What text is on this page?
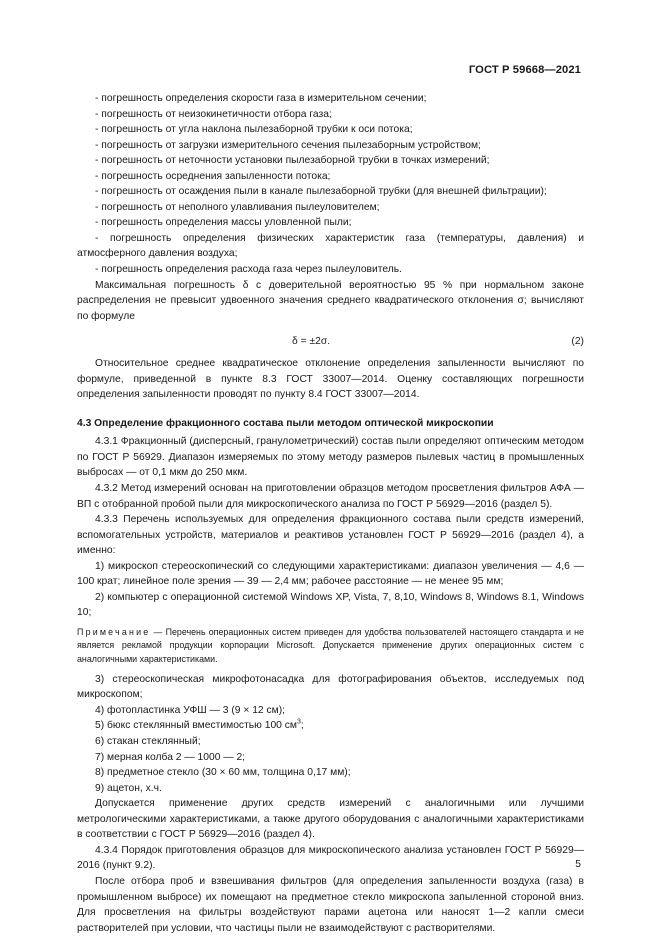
ГОСТ Р 59668—2021

- погрешность определения скорости газа в измерительном сечении;

- погрешность от неизокинетичности отбора газа;

- погрешность от угла наклона пылезаборной трубки к оси потока;

- погрешность от загрузки измерительного сечения пылезаборным устройством;

- погрешность от неточности установки пылезаборной трубки в точках измерений;

- погрешность осреднения запыленности потока;

- погрешность от осаждения пыли в канале пылезаборной трубки (для внешней фильтрации);

- погрешность от неполного улавливания пылеуловителем;

- погрешность определения массы уловленной пыли;

- погрешность определения физических характеристик газа (температуры, давления) и атмосферного давления воздуха;

- погрешность определения расхода газа через пылеуловитель.

Максимальная погрешность δ с доверительной вероятностью 95 % при нормальном законе распределения не превысит удвоенного значения среднего квадратического отклонения σ; вычисляют по формуле

δ = ±2σ.	(2)

Относительное среднее квадратическое отклонение определения запыленности вычисляют по формуле, приведенной в пункте 8.3 ГОСТ 33007—2014. Оценку составляющих погрешности определения запыленности проводят по пункту 8.4 ГОСТ 33007—2014.

4.3 Определение фракционного состава пыли методом оптической микроскопии

4.3.1 Фракционный (дисперсный, гранулометрический) состав пыли определяют оптическим методом по ГОСТ Р 56929. Диапазон измеряемых по этому методу размеров пылевых частиц в промышленных выбросах — от 0,1 мкм до 250 мкм.

4.3.2 Метод измерений основан на приготовлении образцов методом просветления фильтров АФА — ВП с отобранной пробой пыли для микроскопического анализа по ГОСТ Р 56929—2016 (раздел 5).

4.3.3 Перечень используемых для определения фракционного состава пыли средств измерений, вспомогательных устройств, материалов и реактивов установлен ГОСТ Р 56929—2016 (раздел 4), а именно:

1) микроскоп стереоскопический со следующими характеристиками: диапазон увеличения — 4,6 — 100 крат; линейное поле зрения — 39 — 2,4 мм; рабочее расстояние — не менее 95 мм;

2) компьютер с операционной системой Windows XP, Vista, 7, 8,10, Windows 8, Windows 8.1, Windows 10;

Примечание — Перечень операционных систем приведен для удобства пользователей настоящего стандарта и не является рекламой продукции корпорации Microsoft. Допускается применение других операционных систем с аналогичными характеристиками.

3) стереоскопическая микрофотонасадка для фотографирования объектов, исследуемых под микроскопом;

4) фотопластинка УФШ — 3 (9 × 12 см);

5) бюкс стеклянный вместимостью 100 $см^3$;

6) стакан стеклянный;

7) мерная колба 2 — 1000 — 2;

8) предметное стекло (30 × 60 мм, толщина 0,17 мм);

9) ацетон, х.ч.

Допускается применение других средств измерений с аналогичными или лучшими метрологическими характеристиками, а также другого оборудования с аналогичными характеристиками в соответствии с ГОСТ Р 56929—2016 (раздел 4).

4.3.4 Порядок приготовления образцов для микроскопического анализа установлен ГОСТ Р 56929—2016 (пункт 9.2).

После отбора проб и взвешивания фильтров (для определения запыленности воздуха (газа) в промышленном выбросе) их помещают на предметное стекло микроскопа запыленной стороной вниз. Для просветления на фильтры воздействуют парами ацетона или наносят 1—2 капли смеси растворителей при условии, что частицы пыли не взаимодействуют с растворителями.

5
